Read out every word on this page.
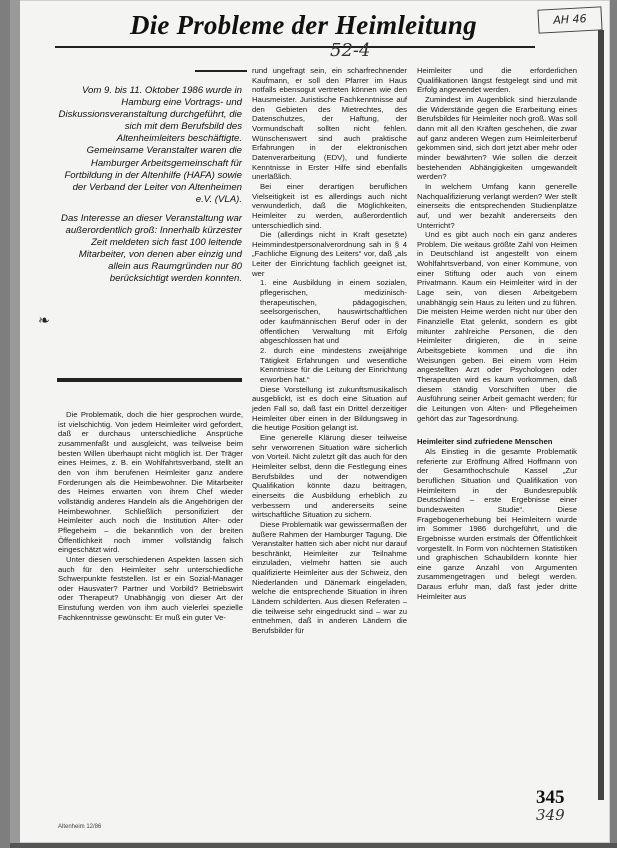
Die Probleme der Heimleitung	AH 46
52-4

Vom 9. bis 11. Oktober 1986 wurde in Hamburg eine Vortrags- und Diskussionsveranstaltung durchgeführt, die sich mit dem Berufsbild des Altenheimleiters beschäftigte. Gemeinsame Veranstalter waren die Hamburger Arbeitsgemeinschaft für Fortbildung in der Altenhilfe (HAFA) sowie der Verband der Leiter von Altenheimen e.V. (VLA).

Das Interesse an dieser Veranstaltung war außerordentlich groß: Innerhalb kürzester Zeit meldeten sich fast 100 leitende Mitarbeiter, von denen aber einzig und allein aus Raumgründen nur 80 berücksichtigt werden konnten.

❧

Die Problematik, doch die hier gesprochen wurde, ist vielschichtig. Von jedem Heimleiter wird gefordert, daß er durchaus unterschiedliche Ansprüche zusammenfaßt und ausgleicht, was teilweise beim besten Willen überhaupt nicht möglich ist. Der Träger eines Heimes, z. B. ein Wohlfahrtsverband, stellt an den von ihm berufenen Heimleiter ganz andere Forderungen als die Heimbewohner. Die Mitarbeiter des Heimes erwarten von ihrem Chef wieder vollständig anderes Handeln als die Angehörigen der Heimbewohner. Schließlich personifiziert der Heimleiter auch noch die Institution Alter- oder Pflegeheim – die bekanntlich von der breiten Öffentlichkeit noch immer vollständig falsch eingeschätzt wird.

Unter diesen verschiedenen Aspekten lassen sich auch für den Heimleiter sehr unterschiedliche Schwerpunkte feststellen. Ist er ein Sozial-Manager oder Hausvater? Partner und Vorbild? Betriebswirt oder Therapeut? Unabhängig von dieser Art der Einstufung werden von ihm auch vielerlei spezielle Fachkenntnisse gewünscht: Er muß ein guter Ve-

rund ungefragt sein, ein scharfrechnender Kaufmann, er soll den Pfarrer im Haus notfalls ebensogut vertreten können wie den Hausmeister. Juristische Fachkenntnisse auf den Gebieten des Mietrechtes, des Datenschutzes, der Haftung, der Vormundschaft sollten nicht fehlen. Wünschenswert sind auch praktische Erfahrungen in der elektronischen Datenverarbeitung (EDV), und fundierte Kenntnisse in Erster Hilfe sind ebenfalls unerläßlich.

Bei einer derartigen beruflichen Vielseitigkeit ist es allerdings auch nicht verwunderlich, daß die Möglichkeiten, Heimleiter zu werden, außerordentlich unterschiedlich sind.

Die (allerdings nicht in Kraft gesetzte) Heimmindestpersonalverordnung sah in § 4 „Fachliche Eignung des Leiters“ vor, daß „als Leiter der Einrichtung fachlich geeignet ist, wer

1. eine Ausbildung in einem sozialen, pflegerischen, medizinisch-therapeutischen, pädagogischen, seelsorgerischen, hauswirtschaftlichen oder kaufmännischen Beruf oder in der öffentlichen Verwaltung mit Erfolg abgeschlossen hat und

2. durch eine mindestens zweijährige Tätigkeit Erfahrungen und wesentliche Kenntnisse für die Leitung der Einrichtung erworben hat.“

Diese Vorstellung ist zukunftsmusikalisch ausgeblickt, ist es doch eine Situation auf jeden Fall so, daß fast ein Drittel derzeitiger Heimleiter über einen in der Bildungsweg in die heutige Position gelangt ist.

Eine generelle Klärung dieser teilweise sehr verworrenen Situation wäre sicherlich von Vorteil. Nicht zuletzt gilt das auch für den Heimleiter selbst, denn die Festlegung eines Berufsbildes und der notwendigen Qualifikation könnte dazu beitragen, einerseits die Ausbildung erheblich zu verbessern und andererseits seine wirtschaftliche Situation zu sichern.

Diese Problematik war gewissermaßen der äußere Rahmen der Hamburger Tagung. Die Veranstalter hatten sich aber nicht nur darauf beschränkt, Heimleiter zur Teilnahme einzuladen, vielmehr hatten sie auch qualifizierte Heimleiter aus der Schweiz, den Niederlanden und Dänemark eingeladen, welche die entsprechende Situation in ihren Ländern schilderten. Aus diesen Referaten – die teilweise sehr eingedruckt sind – war zu entnehmen, daß in anderen Ländern die Berufsbilder für

Heimleiter und die erforderlichen Qualifikationen längst festgelegt sind und mit Erfolg angewendet werden.

Zumindest im Augenblick sind hierzulande die Widerstände gegen die Erarbeitung eines Berufsbildes für Heimleiter noch groß. Was soll dann mit all den Kräften geschehen, die zwar auf ganz anderen Wegen zum Heimleiterberuf gekommen sind, sich dort jetzt aber mehr oder minder bewährten? Wie sollen die derzeit bestehenden Abhängigkeiten umgewandelt werden?

In welchem Umfang kann generelle Nachqualifizierung verlangt werden? Wer stellt einerseits die entsprechenden Studienplätze auf, und wer bezahlt andererseits den Unterricht?

Und es gibt auch noch ein ganz anderes Problem. Die weitaus größte Zahl von Heimen in Deutschland ist angestellt von einem Wohlfahrtsverband, von einer Kommune, von einer Stiftung oder auch von einem Privatmann. Kaum ein Heimleiter wird in der Lage sein, von diesen Arbeitgebern unabhängig sein Haus zu leiten und zu führen. Die meisten Heime werden nicht nur über den Finanzielle Etat gelenkt, sondern es gibt mitunter zahlreiche Personen, die den Heimleiter dirigieren, die in seine Arbeitsgebiete kommen und die ihn Weisungen geben. Bei einem vom Heim angestellten Arzt oder Psychologen oder Therapeuten wird es kaum vorkommen, daß diesem ständig Vorschriften über die Ausführung seiner Arbeit gemacht werden; für die Leitungen von Alten- und Pflegeheimen gehört das zur Tagesordnung.

Heimleiter sind zufriedene Menschen

Als Einstieg in die gesamte Problematik referierte zur Eröffnung Alfred Hoffmann von der Gesamthochschule Kassel „Zur beruflichen Situation und Qualifikation von Heimleitern in der Bundesrepublik Deutschland – erste Ergebnisse einer bundesweiten Studie“. Diese Fragebogenerhebung bei Heimleitern wurde im Sommer 1986 durchgeführt, und die Ergebnisse wurden erstmals der Öffentlichkeit vorgestellt. In Form von nüchternen Statistiken und graphischen Schaubildern konnte hier eine ganze Anzahl von Argumenten zusammengetragen und belegt werden. Daraus erfuhr man, daß fast jeder dritte Heimleiter aus

Altenheim 12/86
345
349
